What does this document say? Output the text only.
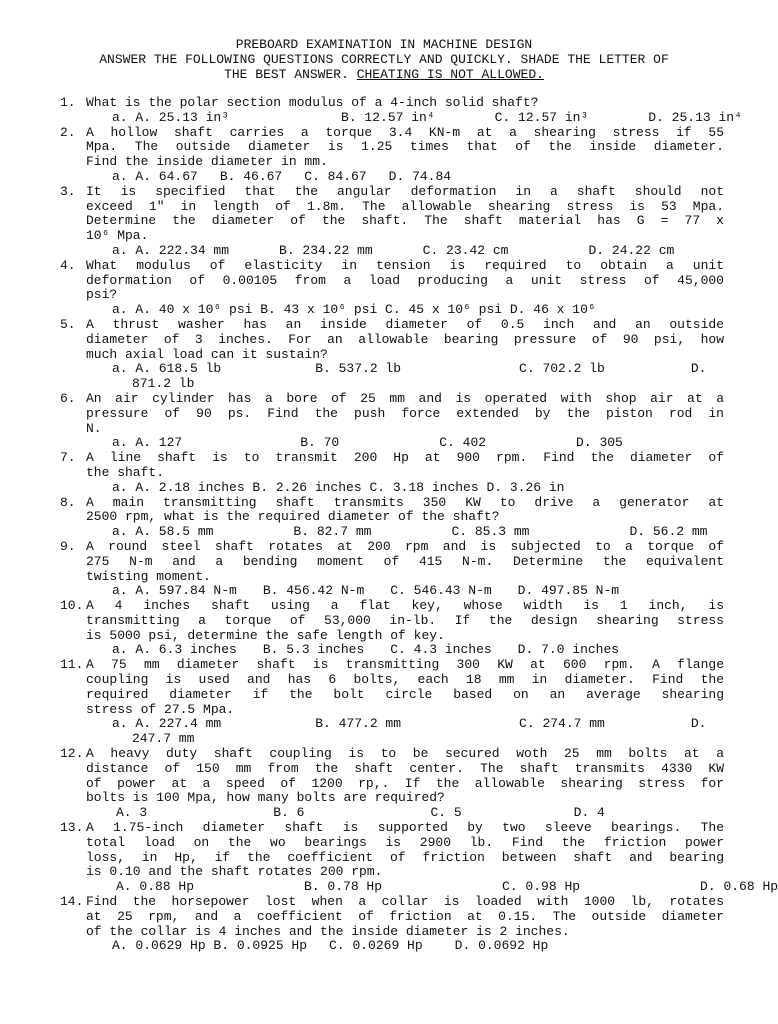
PREBOARD EXAMINATION IN MACHINE DESIGN
ANSWER THE FOLLOWING QUESTIONS CORRECTLY AND QUICKLY. SHADE THE LETTER OF
THE BEST ANSWER. CHEATING IS NOT ALLOWED.
1. What is the polar section modulus of a 4-inch solid shaft?
a. A. 25.13 in³	B. 12.57 in⁴	C. 12.57 in³	D. 25.13 in⁴
2. A hollow shaft carries a torque 3.4 KN-m at a shearing stress if 55
Mpa. The outside diameter is 1.25 times that of the inside diameter.
Find the inside diameter in mm.
a. A. 64.67 B. 46.67 C. 84.67 D. 74.84
3. It is specified that the angular deformation in a shaft should not
exceed 1" in length of 1.8m. The allowable shearing stress is 53 Mpa.
Determine the diameter of the shaft. The shaft material has G = 77 x
10⁶ Mpa.
a. A. 222.34 mm	B. 234.22 mm	C. 23.42 cm	D. 24.22 cm
4. What modulus of elasticity in tension is required to obtain a unit
deformation of 0.00105 from a load producing a unit stress of 45,000
psi?
a. A. 40 x 10⁶ psi B. 43 x 10⁶ psi C. 45 x 10⁶ psi D. 46 x 10⁶
5. A thrust washer has an inside diameter of 0.5 inch and an outside
diameter of 3 inches. For an allowable bearing pressure of 90 psi, how
much axial load can it sustain?
a. A. 618.5 lb	B. 537.2 lb	C. 702.2 lb	D.
871.2 lb
6. An air cylinder has a bore of 25 mm and is operated with shop air at a
pressure of 90 ps. Find the push force extended by the piston rod in
N.
a. A. 127	B. 70	C. 402	D. 305
7. A line shaft is to transmit 200 Hp at 900 rpm. Find the diameter of
the shaft.
a. A. 2.18 inches B. 2.26 inches C. 3.18 inches D. 3.26 in
8. A main transmitting shaft transmits 350 KW to drive a generator at
2500 rpm, what is the required diameter of the shaft?
a. A. 58.5 mm	B. 82.7 mm	C. 85.3 mm	D. 56.2 mm
9. A round steel shaft rotates at 200 rpm and is subjected to a torque of
275 N-m and a bending moment of 415 N-m. Determine the equivalent
twisting moment.
a. A. 597.84 N-m B. 456.42 N-m C. 546.43 N-m D. 497.85 N-m
10. A 4 inches shaft using a flat key, whose width is 1 inch, is
transmitting a torque of 53,000 in-lb. If the design shearing stress
is 5000 psi, determine the safe length of key.
a. A. 6.3 inches B. 5.3 inches C. 4.3 inches D. 7.0 inches
11. A 75 mm diameter shaft is transmitting 300 KW at 600 rpm. A flange
coupling is used and has 6 bolts, each 18 mm in diameter. Find the
required diameter if the bolt circle based on an average shearing
stress of 27.5 Mpa.
a. A. 227.4 mm	B. 477.2 mm	C. 274.7 mm	D.
247.7 mm
12. A heavy duty shaft coupling is to be secured woth 25 mm bolts at a
distance of 150 mm from the shaft center. The shaft transmits 4330 KW
of power at a speed of 1200 rp,. If the allowable shearing stress for
bolts is 100 Mpa, how many bolts are required?
A. 3	B. 6	C. 5	D. 4
13. A 1.75-inch diameter shaft is supported by two sleeve bearings. The
total load on the wo bearings is 2900 lb. Find the friction power
loss, in Hp, if the coefficient of friction between shaft and bearing
is 0.10 and the shaft rotates 200 rpm.
A. 0.88 Hp	B. 0.78 Hp	C. 0.98 Hp	D. 0.68 Hp
14. Find the horsepower lost when a collar is loaded with 1000 lb, rotates
at 25 rpm, and a coefficient of friction at 0.15. The outside diameter
of the collar is 4 inches and the inside diameter is 2 inches.
A. 0.0629 Hp B. 0.0925 Hp C. 0.0269 Hp D. 0.0692 Hp
